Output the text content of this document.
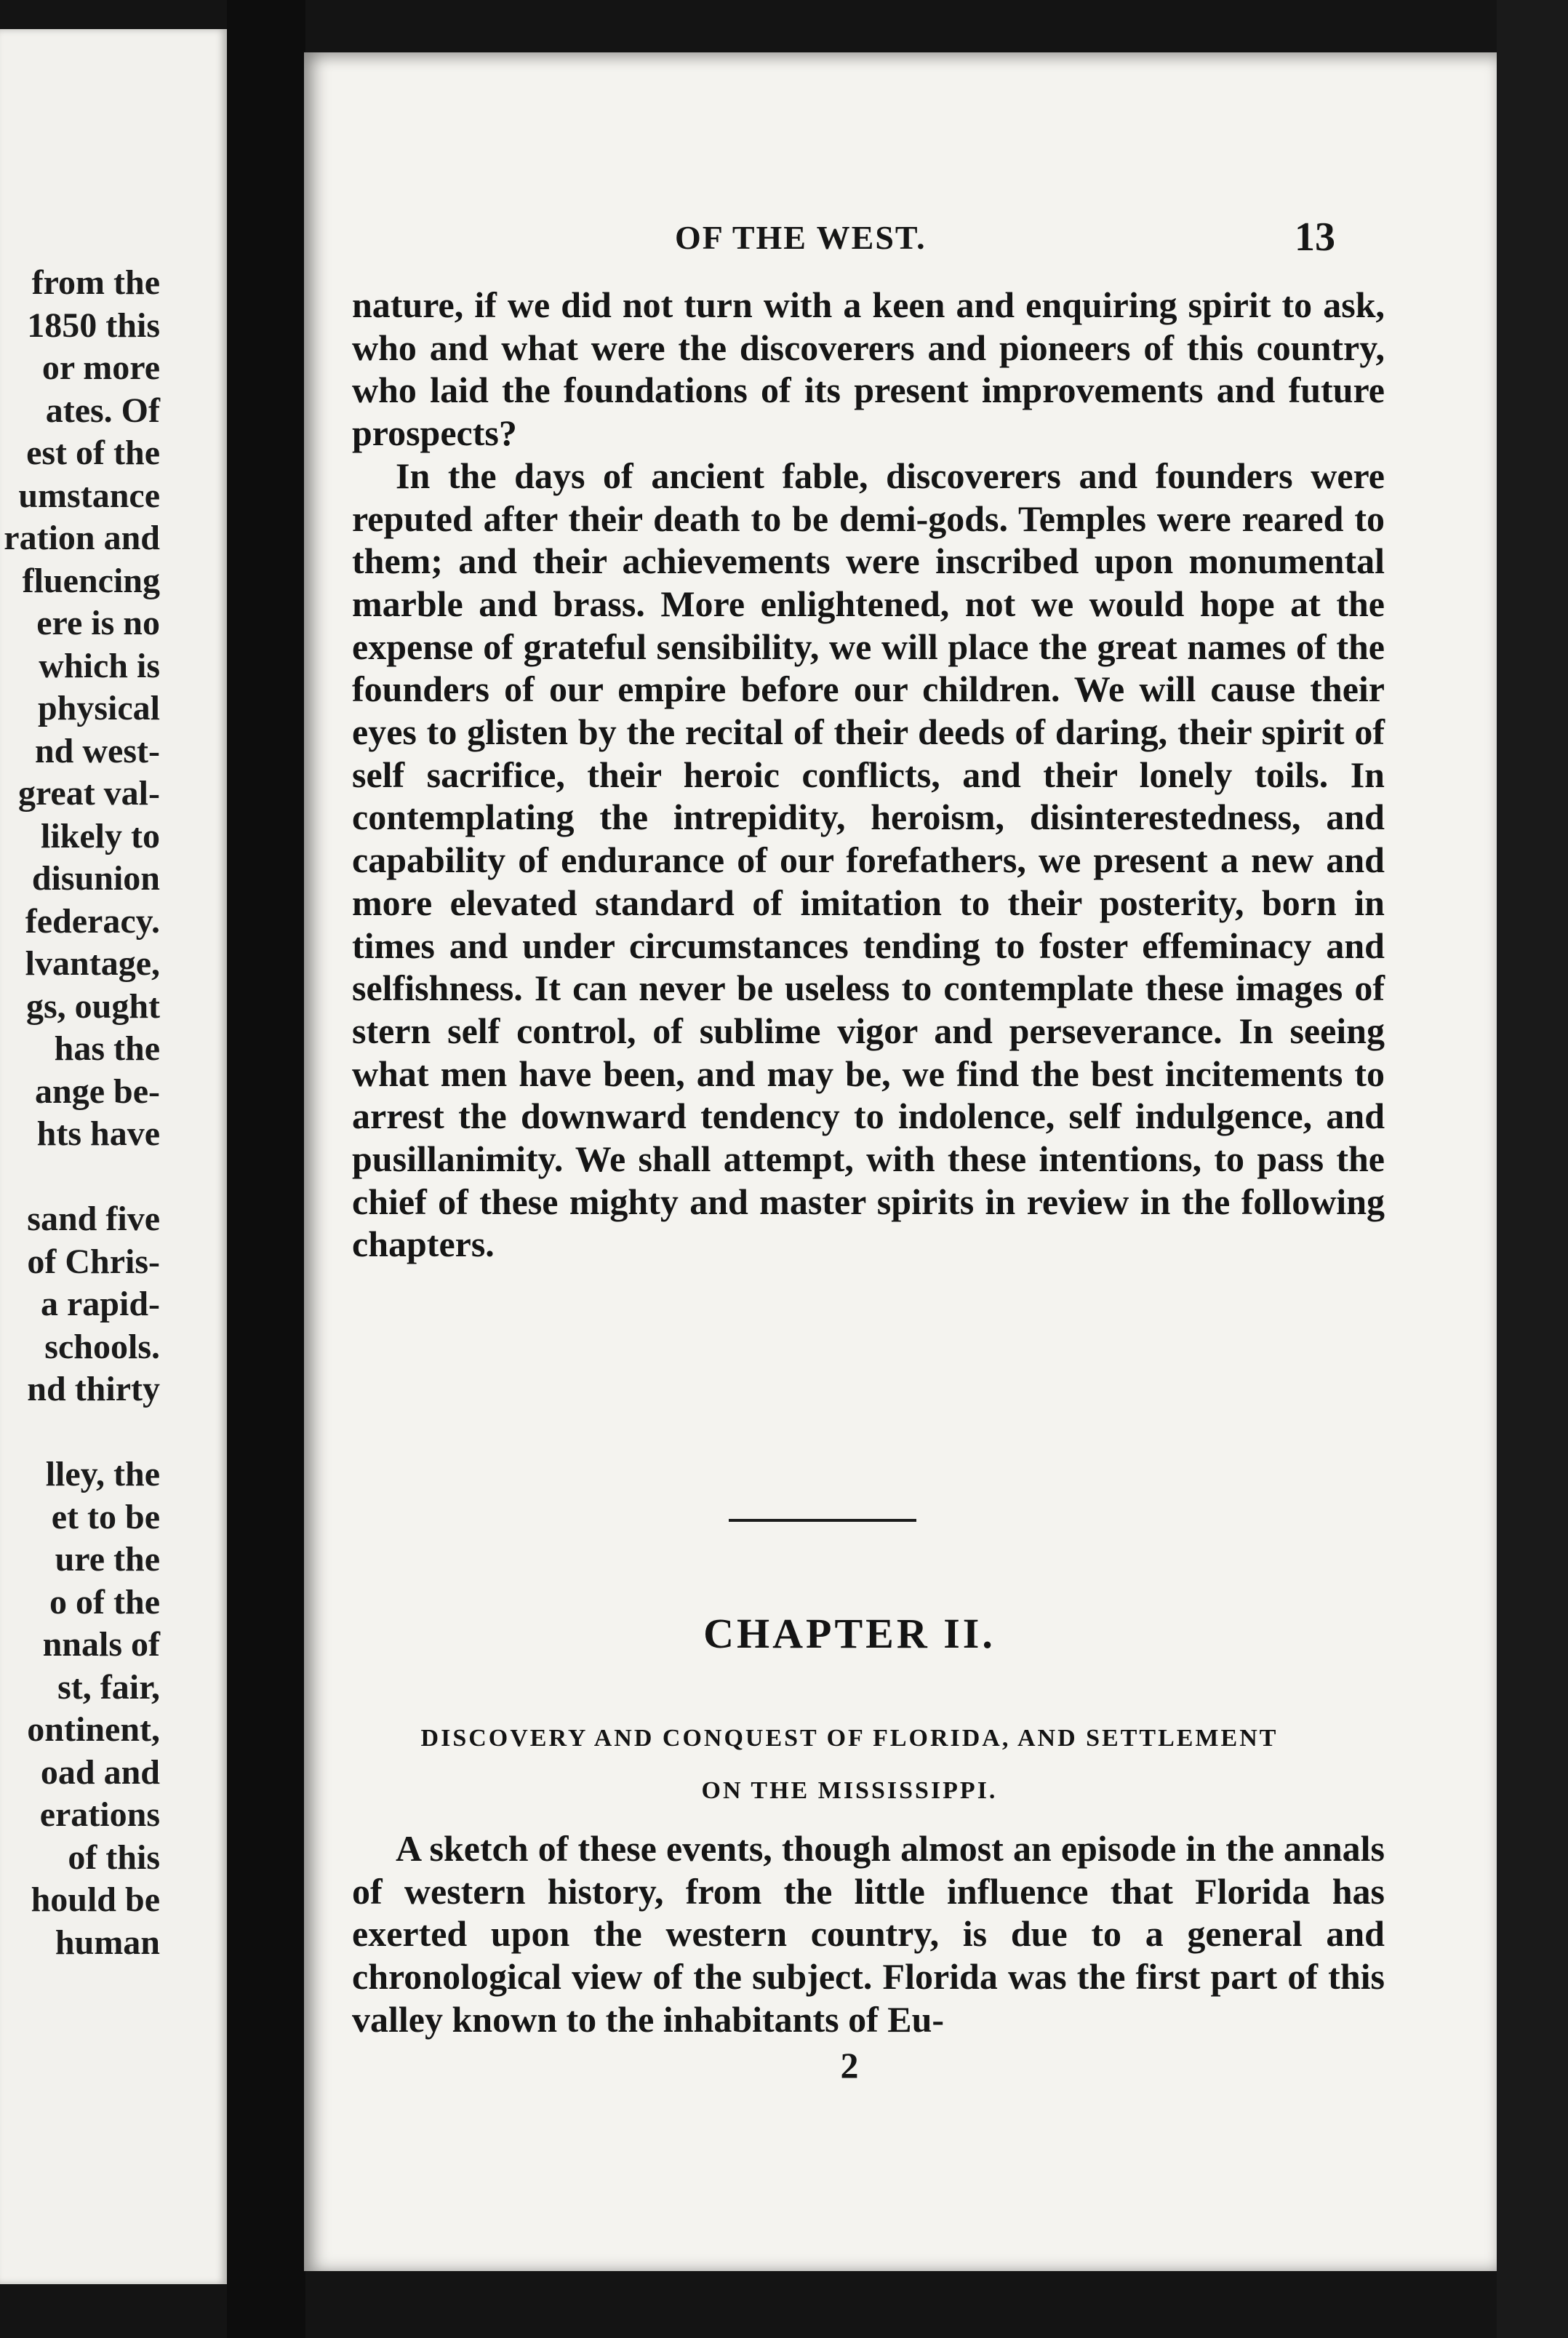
from the
1850 this
or more
ates. Of
est of the
umstance
ration and
fluencing
ere is no
which is
physical
nd west-
great val-
likely to
disunion
federacy.
lvantage,
gs, ought
has the
ange be-
hts have
sand five
of Chris-
a rapid-
schools.
nd thirty
lley, the
et to be
ure the
o of the
nnals of
st, fair,
ontinent,
oad and
erations
of this
hould be
human
OF THE WEST.	13

nature, if we did not turn with a keen and enquiring spirit to ask, who and what were the discoverers and pioneers of this country, who laid the foundations of its present improvements and future prospects?

In the days of ancient fable, discoverers and founders were reputed after their death to be demi-gods. Temples were reared to them; and their achievements were inscribed upon monumental marble and brass. More enlightened, not we would hope at the expense of grateful sensibility, we will place the great names of the founders of our empire before our children. We will cause their eyes to glisten by the recital of their deeds of daring, their spirit of self sacrifice, their heroic conflicts, and their lonely toils. In contemplating the intrepidity, heroism, disinterestedness, and capability of endurance of our forefathers, we present a new and more elevated standard of imitation to their posterity, born in times and under circumstances tending to foster effeminacy and selfishness. It can never be useless to contemplate these images of stern self control, of sublime vigor and perseverance. In seeing what men have been, and may be, we find the best incitements to arrest the downward tendency to indolence, self indulgence, and pusillanimity. We shall attempt, with these intentions, to pass the chief of these mighty and master spirits in review in the following chapters.

CHAPTER II.
DISCOVERY AND CONQUEST OF FLORIDA, AND SETTLEMENT
ON THE MISSISSIPPI.

A sketch of these events, though almost an episode in the annals of western history, from the little influence that Florida has exerted upon the western country, is due to a general and chronological view of the subject. Florida was the first part of this valley known to the inhabitants of Eu-

2
